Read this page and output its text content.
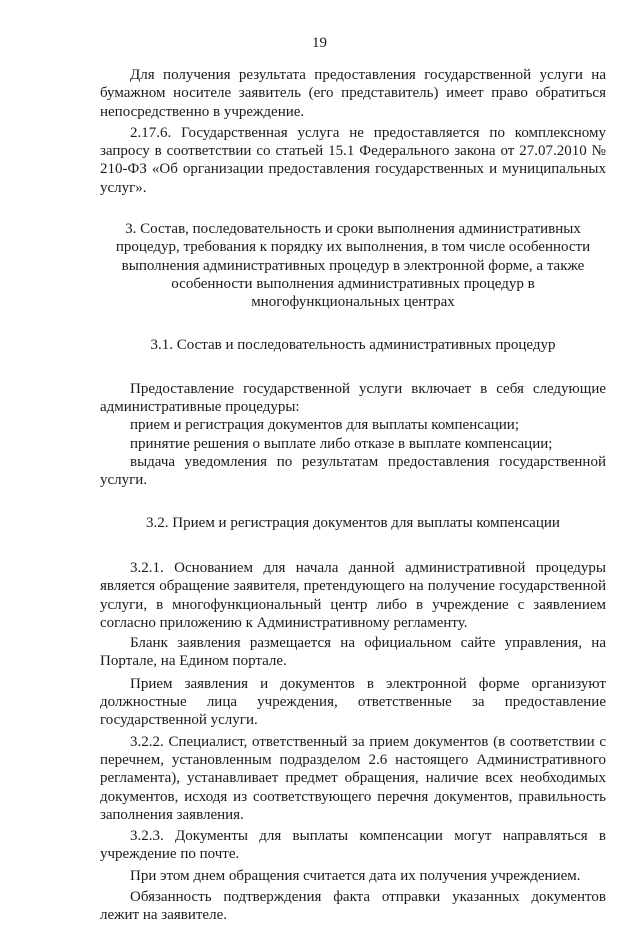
19

Для получения результата предоставления государственной услуги на бумажном носителе заявитель (его представитель) имеет право обратиться непосредственно в учреждение.

2.17.6. Государственная услуга не предоставляется по комплексному запросу в соответствии со статьей 15.1 Федерального закона от 27.07.2010 № 210-ФЗ «Об организации предоставления государственных и муниципальных услуг».

3. Состав, последовательность и сроки выполнения административных процедур, требования к порядку их выполнения, в том числе особенности выполнения административных процедур в электронной форме, а также особенности выполнения административных процедур в многофункциональных центрах

3.1. Состав и последовательность административных процедур

Предоставление государственной услуги включает в себя следующие административные процедуры:

прием и регистрация документов для выплаты компенсации;

принятие решения о выплате либо отказе в выплате компенсации;

выдача уведомления по результатам предоставления государственной услуги.

3.2. Прием и регистрация документов для выплаты компенсации

3.2.1. Основанием для начала данной административной процедуры является обращение заявителя, претендующего на получение государственной услуги, в многофункциональный центр либо в учреждение с заявлением согласно приложению к Административному регламенту.

Бланк заявления размещается на официальном сайте управления, на Портале, на Едином портале.

Прием заявления и документов в электронной форме организуют должностные лица учреждения, ответственные за предоставление государственной услуги.

3.2.2. Специалист, ответственный за прием документов (в соответствии с перечнем, установленным подразделом 2.6 настоящего Административного регламента), устанавливает предмет обращения, наличие всех необходимых документов, исходя из соответствующего перечня документов, правильность заполнения заявления.

3.2.3. Документы для выплаты компенсации могут направляться в учреждение по почте.

При этом днем обращения считается дата их получения учреждением.

Обязанность подтверждения факта отправки указанных документов лежит на заявителе.
